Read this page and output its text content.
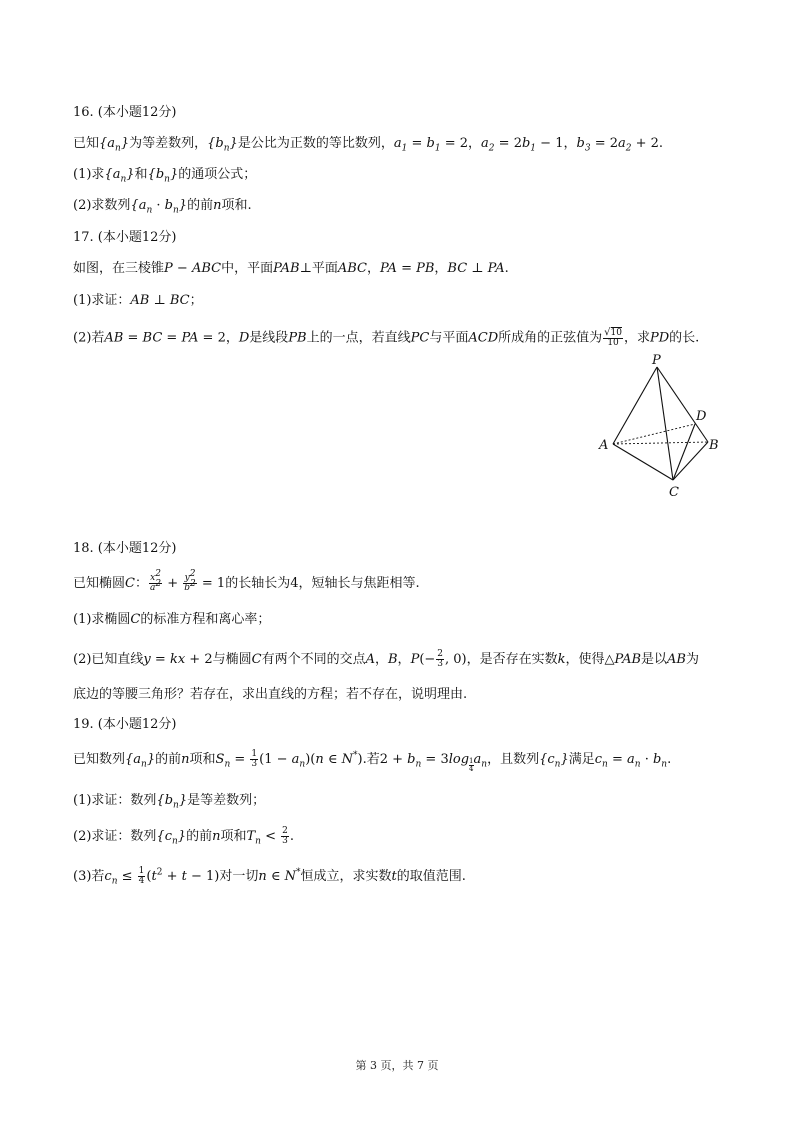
16. (本小题12分)
已知$\{a_n\}$为等差数列，$\{b_n\}$是公比为正数的等比数列，$a_1 = b_1 = 2$，$a_2 = 2b_1 - 1$，$b_3 = 2a_2 + 2$.
(1)求$\{a_n\}$和$\{b_n\}$的通项公式；
(2)求数列$\{a_n \cdot b_n\}$的前n项和.
17. (本小题12分)
如图，在三棱锥P − ABC中，平面PAB⊥平面ABC，PA = PB，BC ⊥ PA.
(1)求证：AB ⊥ BC；
(2)若AB = BC = PA = 2，D是线段PB上的一点，若直线PC与平面ACD所成角的正弦值为 $\frac{√10}{10}$ ，求PD的长.
P
A	B
C
D
18. (本小题12分)
已知椭圆C： $\frac{x^2}{a^2} + \frac{y^2}{b^2} = 1$的长轴长为4，短轴长与焦距相等.
(1)求椭圆C的标准方程和离心率；
(2)已知直线y = kx + 2与椭圆C有两个不同的交点A，B，$P(- \frac{2}{3}$ , 0)，是否存在实数k，使得△PAB是以AB为
底边的等腰三角形？若存在，求出直线的方程；若不存在，说明理由.
19. (本小题12分)
已知数列$\{a_n\}$的前n项和$S_n = \frac{1}{3} (1 - a_n)(n$ ∈ N*).若$2 + b_n = 3\log \frac{1}{4}a_n$，且数列$\{c_n\}$满足$c_n = a_n \cdot b_n$.
(1)求证：数列$\{b_n\}$是等差数列；
(2)求证：数列$\{c_n\}$的前n项和$T_n < \frac{2}{3}$ .
(3)若$c_n \le \frac{1}{4} (t^2 + t - 1)$对一切n ∈ N*恒成立，求实数t的取值范围.
第 3 页，共 7 页
